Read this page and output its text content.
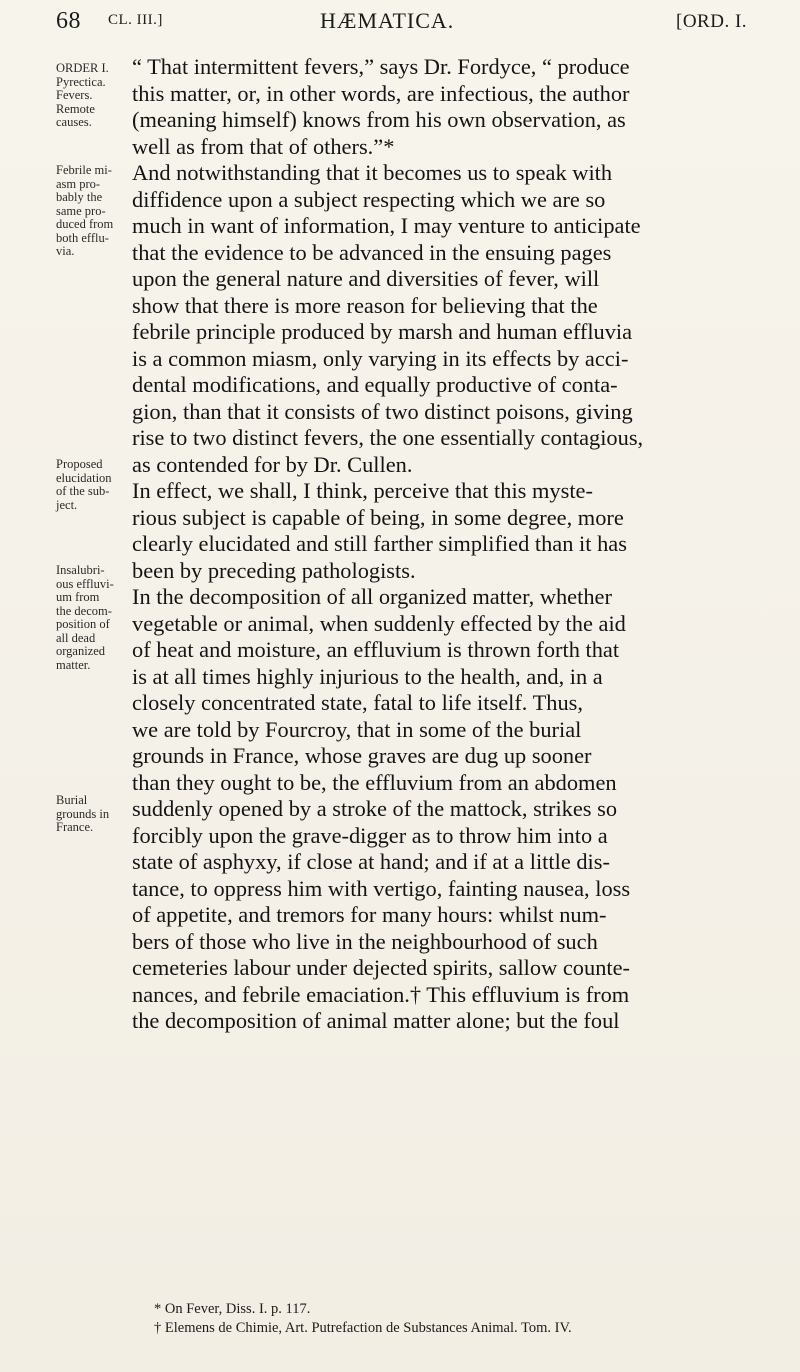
68 CL. III.]	HÆMATICA.	[ORD. I.
ORDER I.
Pyrectica.
Fevers.
Remote
causes.
Febrile mi-
asm pro-
bably the
same pro-
duced from
both efflu-
via.
Proposed
elucidation
of the sub-
ject.
Insalubri-
ous effluvi-
um from
the decom-
position of
all dead
organized
matter.
Burial
grounds in
France.
“ That intermittent fevers,” says Dr. Fordyce, “ produce
this matter, or, in other words, are infectious, the author
(meaning himself) knows from his own observation, as
well as from that of others.”*
And notwithstanding that it becomes us to speak with
diffidence upon a subject respecting which we are so
much in want of information, I may venture to anticipate
that the evidence to be advanced in the ensuing pages
upon the general nature and diversities of fever, will
show that there is more reason for believing that the
febrile principle produced by marsh and human effluvia
is a common miasm, only varying in its effects by acci-
dental modifications, and equally productive of conta-
gion, than that it consists of two distinct poisons, giving
rise to two distinct fevers, the one essentially contagious,
as contended for by Dr. Cullen.
In effect, we shall, I think, perceive that this myste-
rious subject is capable of being, in some degree, more
clearly elucidated and still farther simplified than it has
been by preceding pathologists.
In the decomposition of all organized matter, whether
vegetable or animal, when suddenly effected by the aid
of heat and moisture, an effluvium is thrown forth that
is at all times highly injurious to the health, and, in a
closely concentrated state, fatal to life itself. Thus,
we are told by Fourcroy, that in some of the burial
grounds in France, whose graves are dug up sooner
than they ought to be, the effluvium from an abdomen
suddenly opened by a stroke of the mattock, strikes so
forcibly upon the grave-digger as to throw him into a
state of asphyxy, if close at hand; and if at a little dis-
tance, to oppress him with vertigo, fainting nausea, loss
of appetite, and tremors for many hours: whilst num-
bers of those who live in the neighbourhood of such
cemeteries labour under dejected spirits, sallow counte-
nances, and febrile emaciation.† This effluvium is from
the decomposition of animal matter alone; but the foul
* On Fever, Diss. I. p. 117.
† Elemens de Chimie, Art. Putrefaction de Substances Animal. Tom. IV.
